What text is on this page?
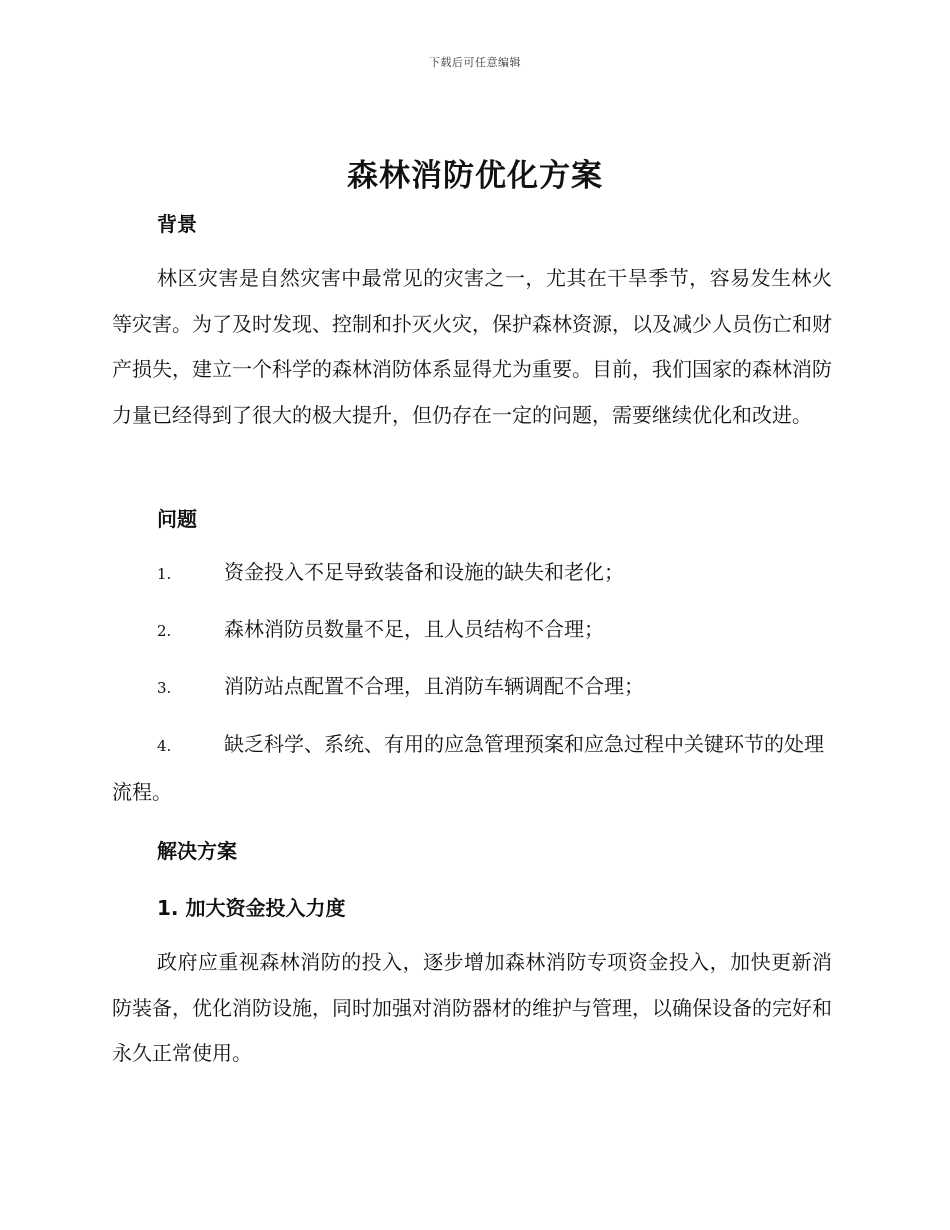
下载后可任意编辑
森林消防优化方案
背景

林区灾害是自然灾害中最常见的灾害之一，尤其在干旱季节，容易发生林火等灾害。为了及时发现、控制和扑灭火灾，保护森林资源，以及减少人员伤亡和财产损失，建立一个科学的森林消防体系显得尤为重要。目前，我们国家的森林消防力量已经得到了很大的极大提升，但仍存在一定的问题，需要继续优化和改进。

问题

1.	资金投入不足导致装备和设施的缺失和老化；

2.	森林消防员数量不足，且人员结构不合理；

3.	消防站点配置不合理，且消防车辆调配不合理；

4.	缺乏科学、系统、有用的应急管理预案和应急过程中关键环节的处理流程。

解决方案
1. 加大资金投入力度

政府应重视森林消防的投入，逐步增加森林消防专项资金投入，加快更新消防装备，优化消防设施，同时加强对消防器材的维护与管理，以确保设备的完好和永久正常使用。
